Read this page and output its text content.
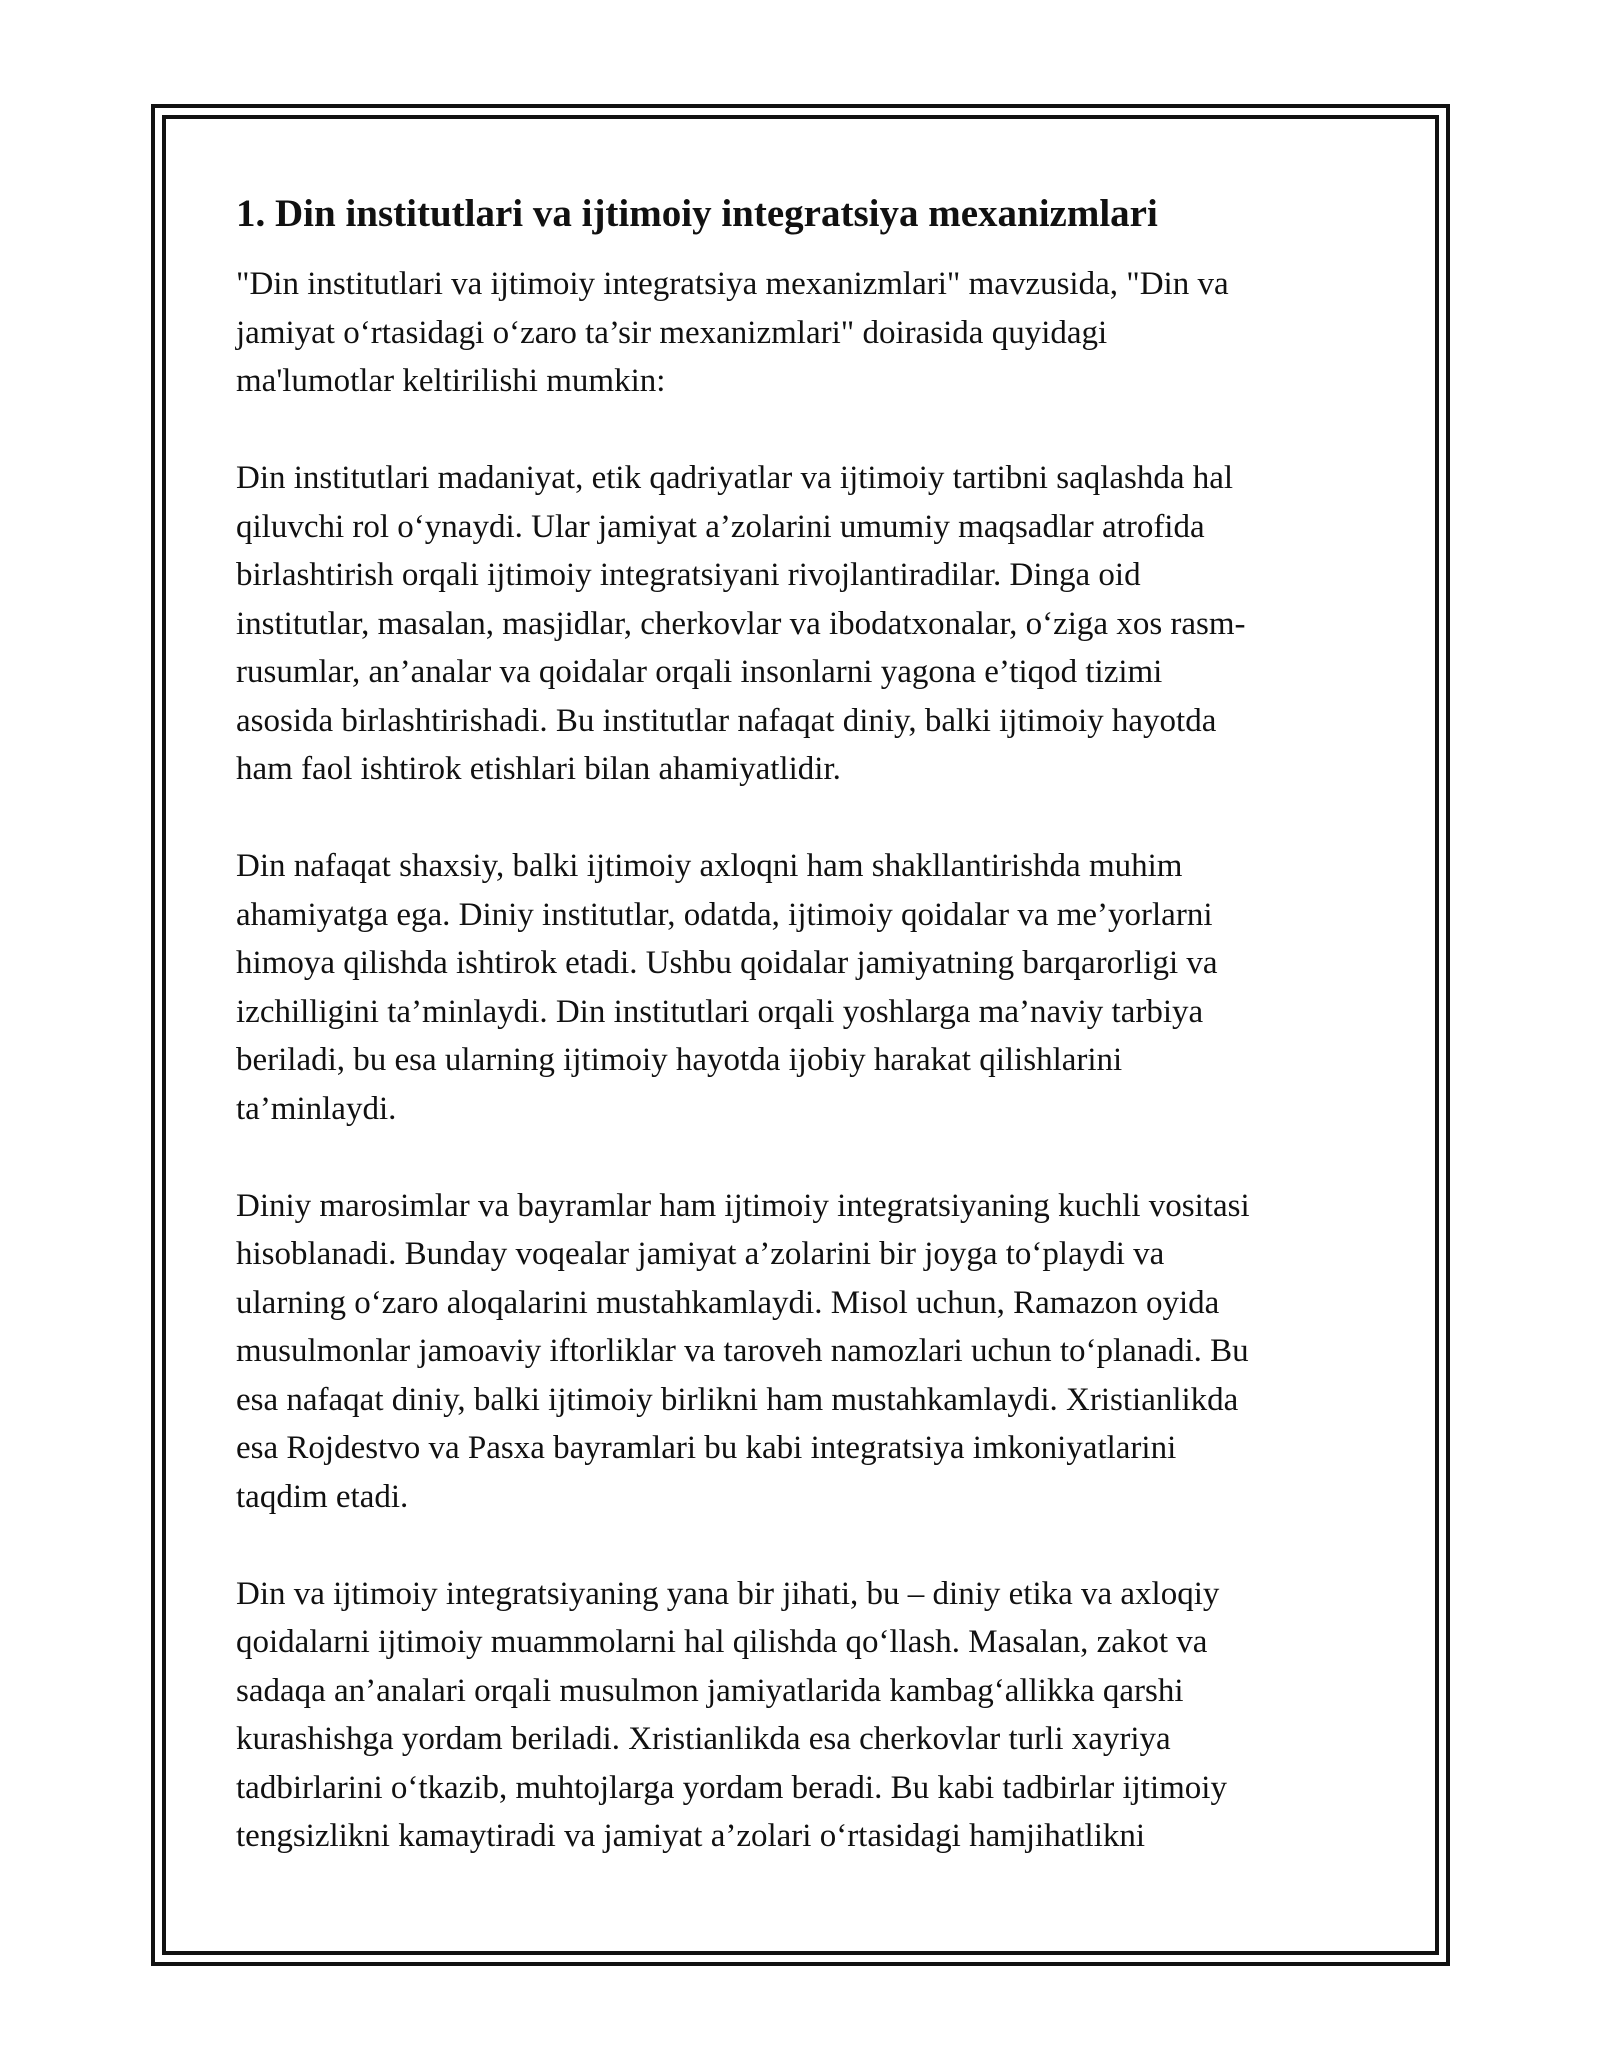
1. Din institutlari va ijtimoiy integratsiya mexanizmlari

"Din institutlari va ijtimoiy integratsiya mexanizmlari" mavzusida, "Din va
jamiyat o‘rtasidagi o‘zaro ta’sir mexanizmlari" doirasida quyidagi
ma'lumotlar keltirilishi mumkin:

Din institutlari madaniyat, etik qadriyatlar va ijtimoiy tartibni saqlashda hal
qiluvchi rol o‘ynaydi. Ular jamiyat a’zolarini umumiy maqsadlar atrofida
birlashtirish orqali ijtimoiy integratsiyani rivojlantiradilar. Dinga oid
institutlar, masalan, masjidlar, cherkovlar va ibodatxonalar, o‘ziga xos rasm-
rusumlar, an’analar va qoidalar orqali insonlarni yagona e’tiqod tizimi
asosida birlashtirishadi. Bu institutlar nafaqat diniy, balki ijtimoiy hayotda
ham faol ishtirok etishlari bilan ahamiyatlidir.

Din nafaqat shaxsiy, balki ijtimoiy axloqni ham shakllantirishda muhim
ahamiyatga ega. Diniy institutlar, odatda, ijtimoiy qoidalar va me’yorlarni
himoya qilishda ishtirok etadi. Ushbu qoidalar jamiyatning barqarorligi va
izchilligini ta’minlaydi. Din institutlari orqali yoshlarga ma’naviy tarbiya
beriladi, bu esa ularning ijtimoiy hayotda ijobiy harakat qilishlarini
ta’minlaydi.

Diniy marosimlar va bayramlar ham ijtimoiy integratsiyaning kuchli vositasi
hisoblanadi. Bunday voqealar jamiyat a’zolarini bir joyga to‘playdi va
ularning o‘zaro aloqalarini mustahkamlaydi. Misol uchun, Ramazon oyida
musulmonlar jamoaviy iftorliklar va taroveh namozlari uchun to‘planadi. Bu
esa nafaqat diniy, balki ijtimoiy birlikni ham mustahkamlaydi. Xristianlikda
esa Rojdestvo va Pasxa bayramlari bu kabi integratsiya imkoniyatlarini
taqdim etadi.

Din va ijtimoiy integratsiyaning yana bir jihati, bu – diniy etika va axloqiy
qoidalarni ijtimoiy muammolarni hal qilishda qo‘llash. Masalan, zakot va
sadaqa an’analari orqali musulmon jamiyatlarida kambag‘allikka qarshi
kurashishga yordam beriladi. Xristianlikda esa cherkovlar turli xayriya
tadbirlarini o‘tkazib, muhtojlarga yordam beradi. Bu kabi tadbirlar ijtimoiy
tengsizlikni kamaytiradi va jamiyat a’zolari o‘rtasidagi hamjihatlikni
